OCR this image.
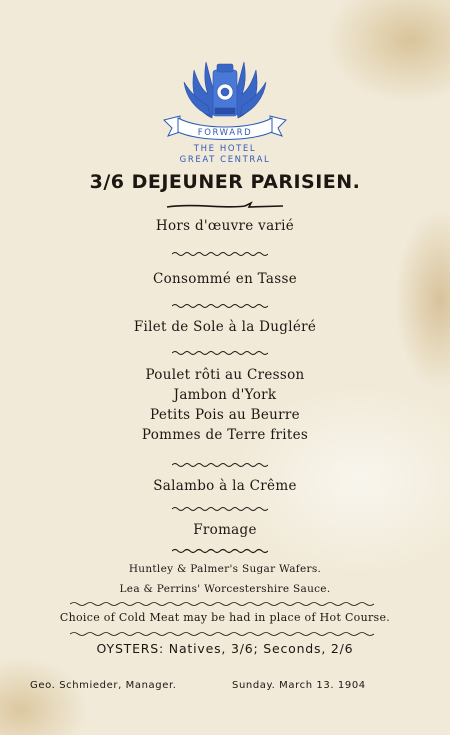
FORWARD
THE HOTEL
GREAT CENTRAL
3/6 DEJEUNER PARISIEN.
Hors d'œuvre varié
Consommé en Tasse
Filet de Sole à la Dugléré
Poulet rôti au Cresson
Jambon d'York
Petits Pois au Beurre
Pommes de Terre frites
Salambo à la Crême
Fromage
Huntley & Palmer's Sugar Wafers.
Lea & Perrins' Worcestershire Sauce.
Choice of Cold Meat may be had in place of Hot Course.
OYSTERS: Natives, 3/6; Seconds, 2/6
Geo. Schmieder, Manager.	Sunday. March 13. 1904
